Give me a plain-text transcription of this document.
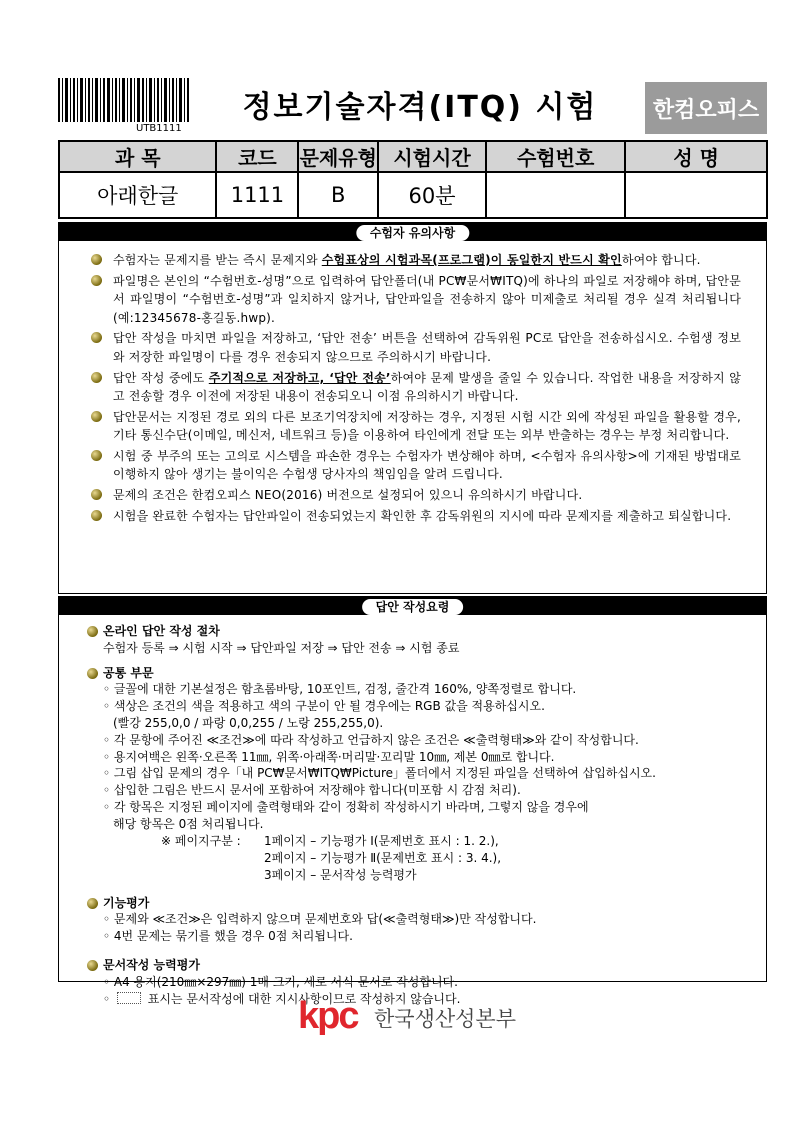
UTB1111
정보기술자격(ITQ) 시험	한컴오피스
과 목	코드	문제유형	시험시간	수험번호	성 명
아래한글	1111	B	60분		
수험자 유의사항
수험자는 문제지를 받는 즉시 문제지와 수험표상의 시험과목(프로그램)이 동일한지 반드시 확인하여야 합니다.
파일명은 본인의 “수험번호-성명”으로 입력하여 답안폴더(내 PC₩문서₩ITQ)에 하나의 파일로 저장해야 하며, 답안문서 파일명이 “수험번호-성명”과 일치하지 않거나, 답안파일을 전송하지 않아 미제출로 처리될 경우 실격 처리됩니다(예:12345678-홍길동.hwp).
답안 작성을 마치면 파일을 저장하고, ‘답안 전송’ 버튼을 선택하여 감독위원 PC로 답안을 전송하십시오. 수험생 정보와 저장한 파일명이 다를 경우 전송되지 않으므로 주의하시기 바랍니다.
답안 작성 중에도 주기적으로 저장하고, ‘답안 전송’하여야 문제 발생을 줄일 수 있습니다. 작업한 내용을 저장하지 않고 전송할 경우 이전에 저장된 내용이 전송되오니 이점 유의하시기 바랍니다.
답안문서는 지정된 경로 외의 다른 보조기억장치에 저장하는 경우, 지정된 시험 시간 외에 작성된 파일을 활용할 경우, 기타 통신수단(이메일, 메신저, 네트워크 등)을 이용하여 타인에게 전달 또는 외부 반출하는 경우는 부정 처리합니다.
시험 중 부주의 또는 고의로 시스템을 파손한 경우는 수험자가 변상해야 하며, <수험자 유의사항>에 기재된 방법대로 이행하지 않아 생기는 불이익은 수험생 당사자의 책임임을 알려 드립니다.
문제의 조건은 한컴오피스 NEO(2016) 버전으로 설정되어 있으니 유의하시기 바랍니다.
시험을 완료한 수험자는 답안파일이 전송되었는지 확인한 후 감독위원의 지시에 따라 문제지를 제출하고 퇴실합니다.
답안 작성요령
온라인 답안 작성 절차
수험자 등록 ⇒ 시험 시작 ⇒ 답안파일 저장 ⇒ 답안 전송 ⇒ 시험 종료
공통 부문
◦ 글꼴에 대한 기본설정은 함초롬바탕, 10포인트, 검정, 줄간격 160%, 양쪽정렬로 합니다.
◦ 색상은 조건의 색을 적용하고 색의 구분이 안 될 경우에는 RGB 값을 적용하십시오.
(빨강 255,0,0 / 파랑 0,0,255 / 노랑 255,255,0).
◦ 각 문항에 주어진 ≪조건≫에 따라 작성하고 언급하지 않은 조건은 ≪출력형태≫와 같이 작성합니다.
◦ 용지여백은 왼쪽·오른쪽 11㎜, 위쪽·아래쪽·머리말·꼬리말 10㎜, 제본 0㎜로 합니다.
◦ 그림 삽입 문제의 경우「내 PC₩문서₩ITQ₩Picture」폴더에서 지정된 파일을 선택하여 삽입하십시오.
◦ 삽입한 그림은 반드시 문서에 포함하여 저장해야 합니다(미포함 시 감점 처리).
◦ 각 항목은 지정된 페이지에 출력형태와 같이 정확히 작성하시기 바라며, 그렇지 않을 경우에
해당 항목은 0점 처리됩니다.
※ 페이지구분 : 1페이지 – 기능평가 Ⅰ(문제번호 표시 : 1. 2.),
2페이지 – 기능평가 Ⅱ(문제번호 표시 : 3. 4.),
3페이지 – 문서작성 능력평가
기능평가
◦ 문제와 ≪조건≫은 입력하지 않으며 문제번호와 답(≪출력형태≫)만 작성합니다.
◦ 4번 문제는 묶기를 했을 경우 0점 처리됩니다.
문서작성 능력평가
◦ A4 용지(210㎜×297㎜) 1매 크기, 세로 서식 문서로 작성합니다.
◦	표시는 문서작성에 대한 지시사항이므로 작성하지 않습니다.
kpc 한국생산성본부
